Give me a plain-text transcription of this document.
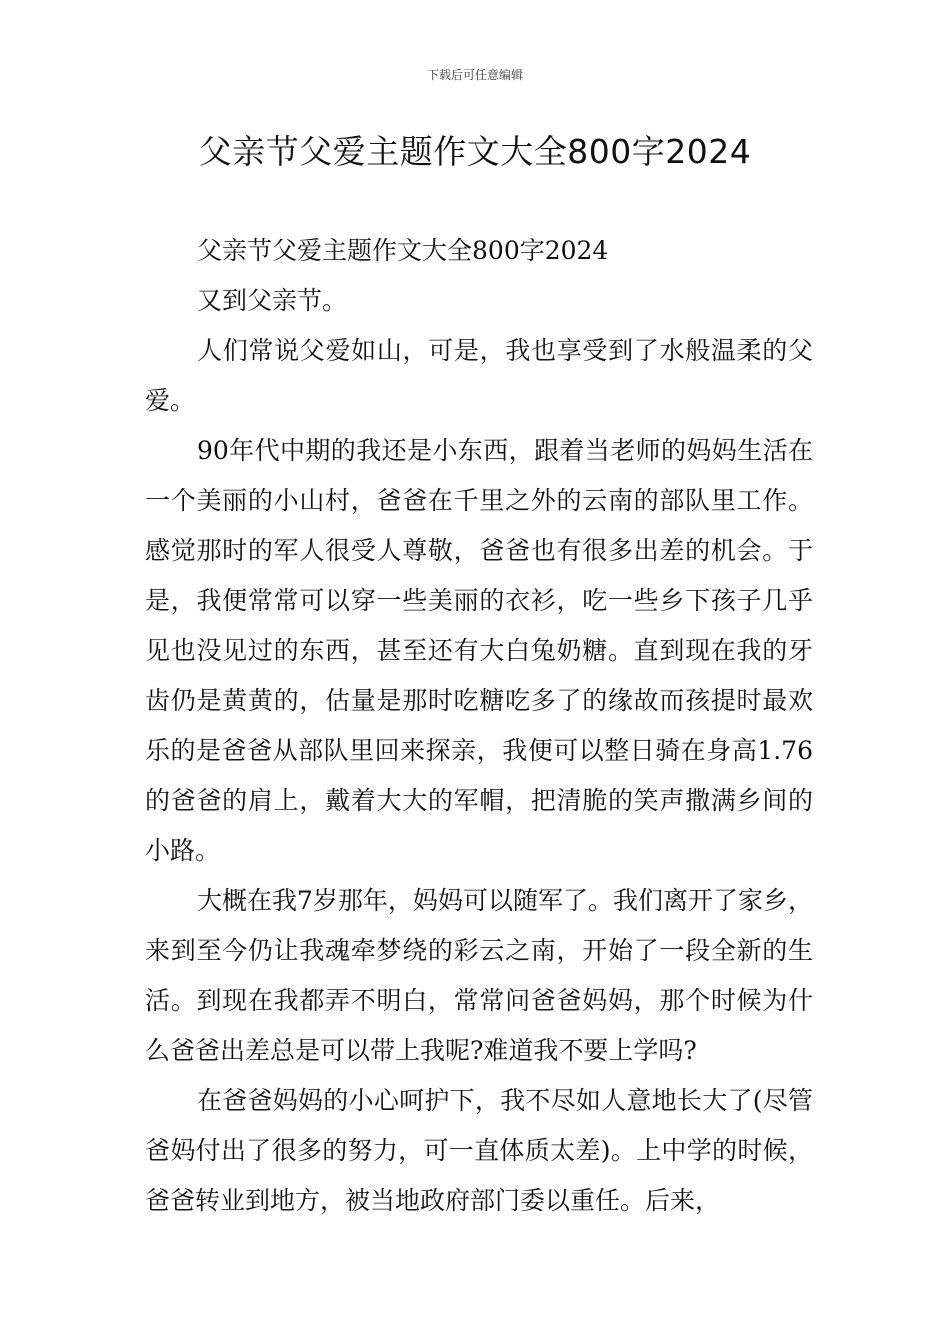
下载后可任意编辑
父亲节父爱主题作文大全800字2024

父亲节父爱主题作文大全800字2024

又到父亲节。

人们常说父爱如山，可是，我也享受到了水般温柔的父爱。

90年代中期的我还是小东西，跟着当老师的妈妈生活在一个美丽的小山村，爸爸在千里之外的云南的部队里工作。感觉那时的军人很受人尊敬，爸爸也有很多出差的机会。于是，我便常常可以穿一些美丽的衣衫，吃一些乡下孩子几乎见也没见过的东西，甚至还有大白兔奶糖。直到现在我的牙齿仍是黄黄的，估量是那时吃糖吃多了的缘故而孩提时最欢乐的是爸爸从部队里回来探亲，我便可以整日骑在身高1.76的爸爸的肩上，戴着大大的军帽，把清脆的笑声撒满乡间的小路。

大概在我7岁那年，妈妈可以随军了。我们离开了家乡，来到至今仍让我魂牵梦绕的彩云之南，开始了一段全新的生活。到现在我都弄不明白，常常问爸爸妈妈，那个时候为什么爸爸出差总是可以带上我呢?难道我不要上学吗?

在爸爸妈妈的小心呵护下，我不尽如人意地长大了(尽管爸妈付出了很多的努力，可一直体质太差)。上中学的时候，爸爸转业到地方，被当地政府部门委以重任。后来，
